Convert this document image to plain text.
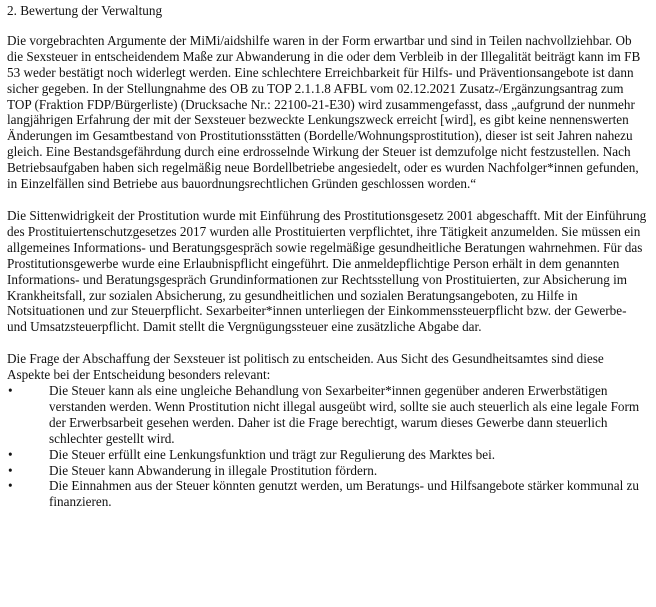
2. Bewertung der Verwaltung
Die vorgebrachten Argumente der MiMi/aidshilfe waren in der Form erwartbar und sind in Teilen nachvollziehbar. Ob die Sexsteuer in entscheidendem Maße zur Abwanderung in die oder dem Verbleib in der Illegalität beiträgt kann im FB 53 weder bestätigt noch widerlegt werden. Eine schlechtere Erreichbarkeit für Hilfs- und Präventionsangebote ist dann sicher gegeben. In der Stellungnahme des OB zu TOP 2.1.1.8 AFBL vom 02.12.2021 Zusatz-/Ergänzungsantrag zum TOP (Fraktion FDP/Bürgerliste) (Drucksache Nr.: 22100-21-E30) wird zusammengefasst, dass „aufgrund der nunmehr langjährigen Erfahrung der mit der Sexsteuer bezweckte Lenkungszweck erreicht [wird], es gibt keine nennenswerten Änderungen im Gesamtbestand von Prostitutionsstätten (Bordelle/Wohnungsprostitution), dieser ist seit Jahren nahezu gleich. Eine Bestandsgefährdung durch eine erdrosselnde Wirkung der Steuer ist demzufolge nicht festzustellen. Nach Betriebsaufgaben haben sich regelmäßig neue Bordellbetriebe angesiedelt, oder es wurden Nachfolger*innen gefunden, in Einzelfällen sind Betriebe aus bauordnungsrechtlichen Gründen geschlossen worden.“
Die Sittenwidrigkeit der Prostitution wurde mit Einführung des Prostitutionsgesetz 2001 abgeschafft. Mit der Einführung des Prostituiertenschutzgesetzes 2017 wurden alle Prostituierten verpflichtet, ihre Tätigkeit anzumelden. Sie müssen ein allgemeines Informations- und Beratungsgespräch sowie regelmäßige gesundheitliche Beratungen wahrnehmen. Für das Prostitutionsgewerbe wurde eine Erlaubnispflicht eingeführt. Die anmeldepflichtige Person erhält in dem genannten Informations- und Beratungsgespräch Grundinformationen zur Rechtsstellung von Prostituierten, zur Absicherung im Krankheitsfall, zur sozialen Absicherung, zu gesundheitlichen und sozialen Beratungsangeboten, zu Hilfe in Notsituationen und zur Steuerpflicht. Sexarbeiter*innen unterliegen der Einkommenssteuerpflicht bzw. der Gewerbe- und Umsatzsteuerpflicht. Damit stellt die Vergnügungssteuer eine zusätzliche Abgabe dar.
Die Frage der Abschaffung der Sexsteuer ist politisch zu entscheiden. Aus Sicht des Gesundheitsamtes sind diese Aspekte bei der Entscheidung besonders relevant:
•	Die Steuer kann als eine ungleiche Behandlung von Sexarbeiter*innen gegenüber anderen Erwerbstätigen verstanden werden. Wenn Prostitution nicht illegal ausgeübt wird, sollte sie auch steuerlich als eine legale Form der Erwerbsarbeit gesehen werden. Daher ist die Frage berechtigt, warum dieses Gewerbe dann steuerlich schlechter gestellt wird.
•	Die Steuer erfüllt eine Lenkungsfunktion und trägt zur Regulierung des Marktes bei.
•	Die Steuer kann Abwanderung in illegale Prostitution fördern.
•	Die Einnahmen aus der Steuer könnten genutzt werden, um Beratungs- und Hilfsangebote stärker kommunal zu finanzieren.
